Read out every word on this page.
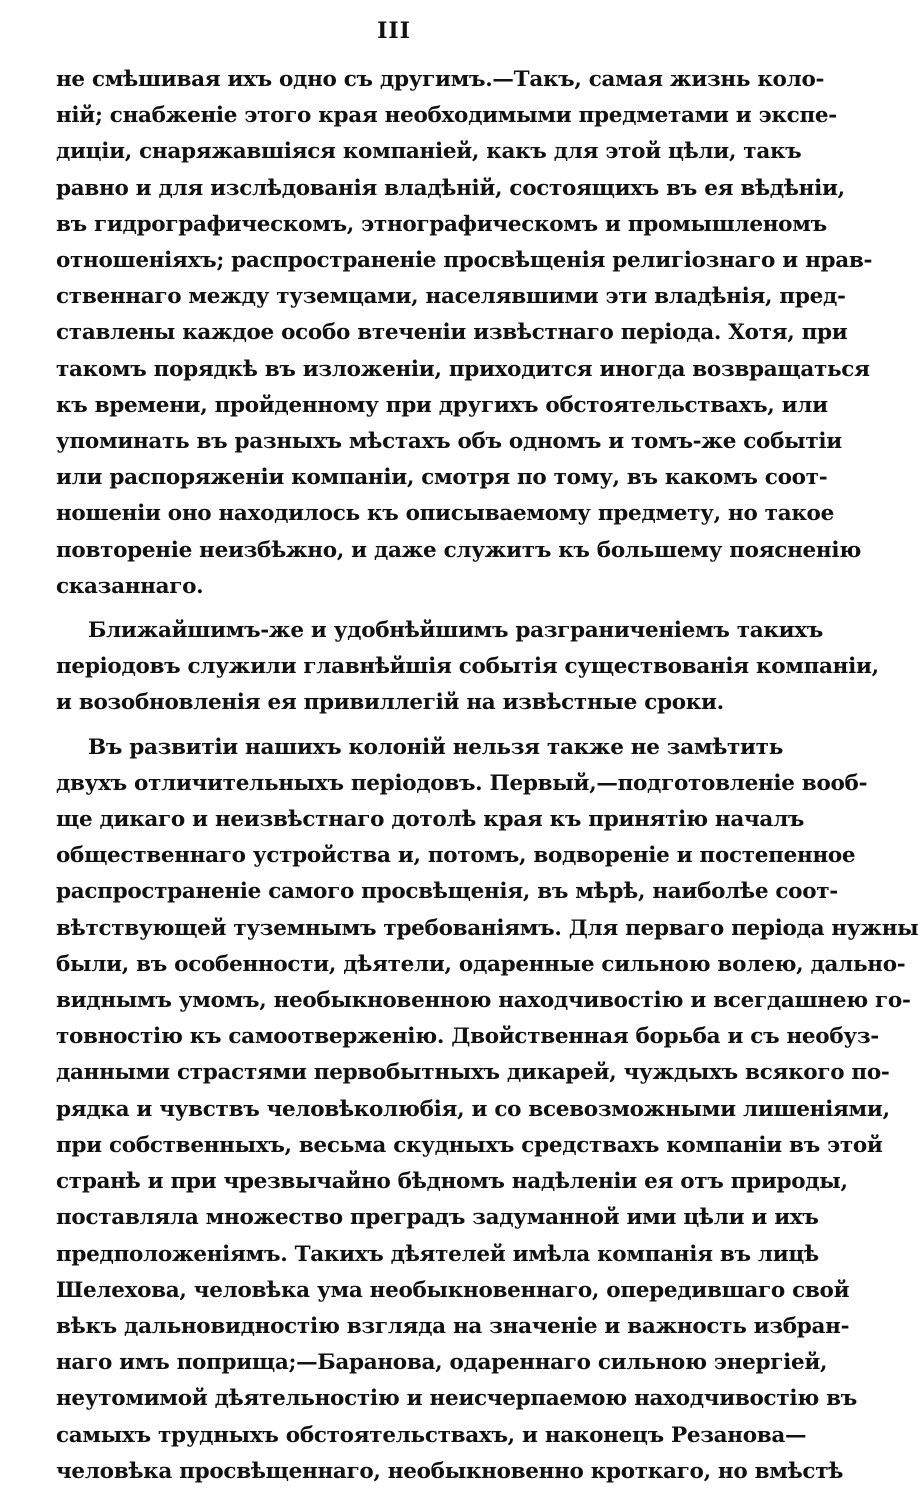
III
не смѣшивая ихъ одно съ другимъ.—Такъ, самая жизнь коло-
ній; снабженіе этого края необходимыми предметами и экспе-
диціи, снаряжавшіяся компаніей, какъ для этой цѣли, такъ
равно и для изслѣдованія владѣній, состоящихъ въ ея вѣдѣніи,
въ гидрографическомъ, этнографическомъ и промышленомъ
отношеніяхъ; распространеніе просвѣщенія религіознаго и нрав-
ственнаго между туземцами, населявшими эти владѣнія, пред-
ставлены каждое особо втеченіи извѣстнаго періода. Хотя, при
такомъ порядкѣ въ изложеніи, приходится иногда возвращаться
къ времени, пройденному при другихъ обстоятельствахъ, или
упоминать въ разныхъ мѣстахъ объ одномъ и томъ-же событіи
или распоряженіи компаніи, смотря по тому, въ какомъ соот-
ношеніи оно находилось къ описываемому предмету, но такое
повтореніе неизбѣжно, и даже служитъ къ большему поясненію
сказаннаго.
Ближайшимъ-же и удобнѣйшимъ разграниченіемъ такихъ
періодовъ служили главнѣйшія событія существованія компаніи,
и возобновленія ея привиллегій на извѣстные сроки.
Въ развитіи нашихъ колоній нельзя также не замѣтить
двухъ отличительныхъ періодовъ. Первый,—подготовленіе вооб-
ще дикаго и неизвѣстнаго дотолѣ края къ принятію началъ
общественнаго устройства и, потомъ, водвореніе и постепенное
распространеніе самого просвѣщенія, въ мѣрѣ, наиболѣе соот-
вѣтствующей туземнымъ требованіямъ. Для перваго періода нужны
были, въ особенности, дѣятели, одаренные сильною волею, дально-
виднымъ умомъ, необыкновенною находчивостію и всегдашнею го-
товностію къ самоотверженію. Двойственная борьба и съ необуз-
данными страстями первобытныхъ дикарей, чуждыхъ всякого по-
рядка и чувствъ человѣколюбія, и со всевозможными лишеніями,
при собственныхъ, весьма скудныхъ средствахъ компаніи въ этой
странѣ и при чрезвычайно бѣдномъ надѣленіи ея отъ природы,
поставляла множество преградъ задуманной ими цѣли и ихъ
предположеніямъ. Такихъ дѣятелей имѣла компанія въ лицѣ
Шелехова, человѣка ума необыкновеннаго, опередившаго свой
вѣкъ дальновидностію взгляда на значеніе и важность избран-
наго имъ поприща;—Баранова, одареннаго сильною энергіей,
неутомимой дѣятельностію и неисчерпаемою находчивостію въ
самыхъ трудныхъ обстоятельствахъ, и наконецъ Резанова—
человѣка просвѣщеннаго, необыкновенно кроткаго, но вмѣстѣ
